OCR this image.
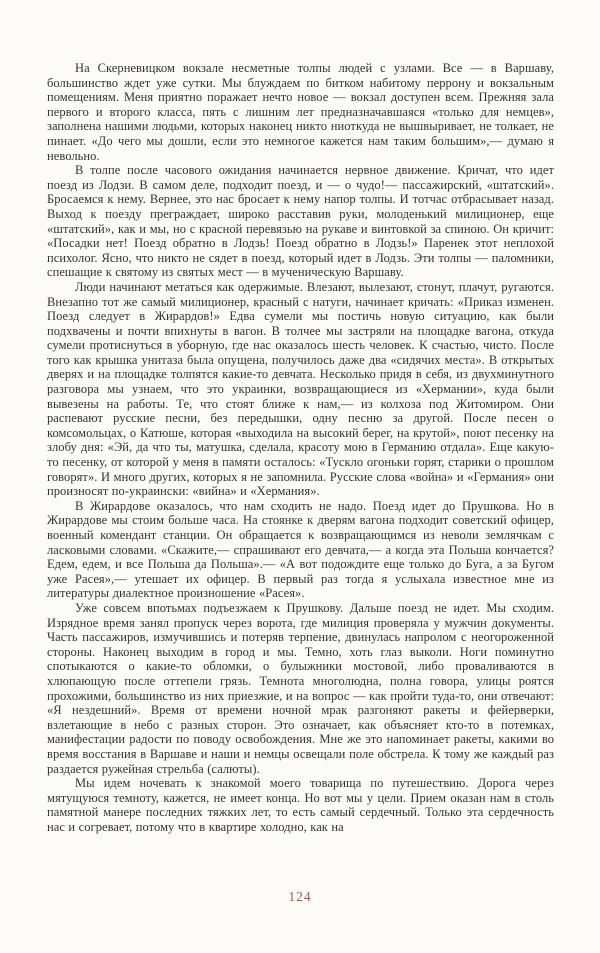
На Скерневицком вокзале несметные толпы людей с узлами. Все — в Варшаву, большинство ждет уже сутки. Мы блуждаем по битком набитому перрону и вокзальным помещениям. Меня приятно поражает нечто новое — вокзал доступен всем. Прежняя зала первого и второго класса, пять с лишним лет предназначавшаяся «только для немцев», заполнена нашими людьми, которых наконец никто ниоткуда не вышвыривает, не толкает, не пинает. «До чего мы дошли, если это немногое кажется нам таким большим»,— думаю я невольно.

В толпе после часового ожидания начинается нервное движение. Кричат, что идет поезд из Лодзи. В самом деле, подходит поезд, и — о чудо!— пассажирский, «штатский». Бросаемся к нему. Вернее, это нас бросает к нему напор толпы. И тотчас отбрасывает назад. Выход к поезду преграждает, широко расставив руки, молоденький милиционер, еще «штатский», как и мы, но с красной перевязью на рукаве и винтовкой за спиною. Он кричит: «Посадки нет! Поезд обратно в Лодзь! Поезд обратно в Лодзь!» Паренек этот неплохой психолог. Ясно, что никто не сядет в поезд, который идет в Лодзь. Эти толпы — паломники, спешащие к святому из святых мест — в мученическую Варшаву.

Люди начинают метаться как одержимые. Влезают, вылезают, стонут, плачут, ругаются. Внезапно тот же самый милиционер, красный с натуги, начинает кричать: «Приказ изменен. Поезд следует в Жирардов!» Едва сумели мы постичь новую ситуацию, как были подхвачены и почти впихнуты в вагон. В толчее мы застряли на площадке вагона, откуда сумели протиснуться в уборную, где нас оказалось шесть человек. К счастью, чисто. После того как крышка унитаза была опущена, получилось даже два «сидячих места». В открытых дверях и на площадке толпятся какие-то девчата. Несколько придя в себя, из двухминутного разговора мы узнаем, что это украинки, возвращающиеся из «Хермании», куда были вывезены на работы. Те, что стоят ближе к нам,— из колхоза под Житомиром. Они распевают русские песни, без передышки, одну песню за другой. После песен о комсомольцах, о Катюше, которая «выходила на высокий берег, на крутой», поют песенку на злобу дня: «Эй, да что ты, матушка, сделала, красоту мою в Германию отдала». Еще какую-то песенку, от которой у меня в памяти осталось: «Тускло огоньки горят, старики о прошлом говорят». И много других, которых я не запомнила. Русские слова «война» и «Германия» они произносят по-украински: «вийна» и «Хермания».

В Жирардове оказалось, что нам сходить не надо. Поезд идет до Прушкова. Но в Жирардове мы стоим больше часа. На стоянке к дверям вагона подходит советский офицер, военный комендант станции. Он обращается к возвращающимся из неволи землячкам с ласковыми словами. «Скажите,— спрашивают его девчата,— а когда эта Польша кончается? Едем, едем, и все Польша да Польша».— «А вот подождите еще только до Буга, а за Бугом уже Расея»,— утешает их офицер. В первый раз тогда я услыхала известное мне из литературы диалектное произношение «Расея».

Уже совсем впотьмах подъезжаем к Прушкову. Дальше поезд не идет. Мы сходим. Изрядное время занял пропуск через ворота, где милиция проверяла у мужчин документы. Часть пассажиров, измучившись и потеряв терпение, двинулась напролом с неогороженной стороны. Наконец выходим в город и мы. Темно, хоть глаз выколи. Ноги поминутно спотыкаются о какие-то обломки, о булыжники мостовой, либо проваливаются в хлюпающую после оттепели грязь. Темнота многолюдна, полна говора, улицы роятся прохожими, большинство из них приезжие, и на вопрос — как пройти туда-то, они отвечают: «Я нездешний». Время от времени ночной мрак разгоняют ракеты и фейерверки, взлетающие в небо с разных сторон. Это означает, как объясняет кто-то в потемках, манифестации радости по поводу освобождения. Мне же это напоминает ракеты, какими во время восстания в Варшаве и наши и немцы освещали поле обстрела. К тому же каждый раз раздается ружейная стрельба (салюты).

Мы идем ночевать к знакомой моего товарища по путешествию. Дорога через мятущуюся темноту, кажется, не имеет конца. Но вот мы у цели. Прием оказан нам в столь памятной манере последних тяжких лет, то есть самый сердечный. Только эта сердечность нас и согревает, потому что в квартире холодно, как на

124
